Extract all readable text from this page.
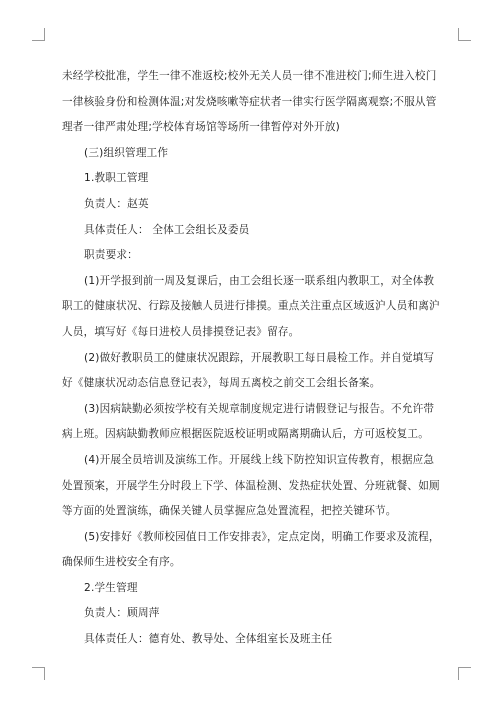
未经学校批准，学生一律不准返校;校外无关人员一律不准进校门;师生进入校门一律核验身份和检测体温;对发烧咳嗽等症状者一律实行医学隔离观察;不服从管理者一律严肃处理;学校体育场馆等场所一律暂停对外开放)

(三)组织管理工作

1.教职工管理

负责人：赵英

具体责任人： 全体工会组长及委员

职责要求：

(1)开学报到前一周及复课后，由工会组长逐一联系组内教职工，对全体教职工的健康状况、行踪及接触人员进行排摸。重点关注重点区域返沪人员和离沪人员，填写好《每日进校人员排摸登记表》留存。

(2)做好教职员工的健康状况跟踪，开展教职工每日晨检工作。并自觉填写好《健康状况动态信息登记表》，每周五离校之前交工会组长备案。

(3)因病缺勤必须按学校有关规章制度规定进行请假登记与报告。不允许带病上班。因病缺勤教师应根据医院返校证明或隔离期确认后，方可返校复工。

(4)开展全员培训及演练工作。开展线上线下防控知识宣传教育，根据应急处置预案，开展学生分时段上下学、体温检测、发热症状处置、分班就餐、如厕等方面的处置演练，确保关键人员掌握应急处置流程，把控关键环节。

(5)安排好《教师校园值日工作安排表》，定点定岗，明确工作要求及流程，确保师生进校安全有序。

2.学生管理

负责人：顾周萍

具体责任人：德育处、教导处、全体组室长及班主任
